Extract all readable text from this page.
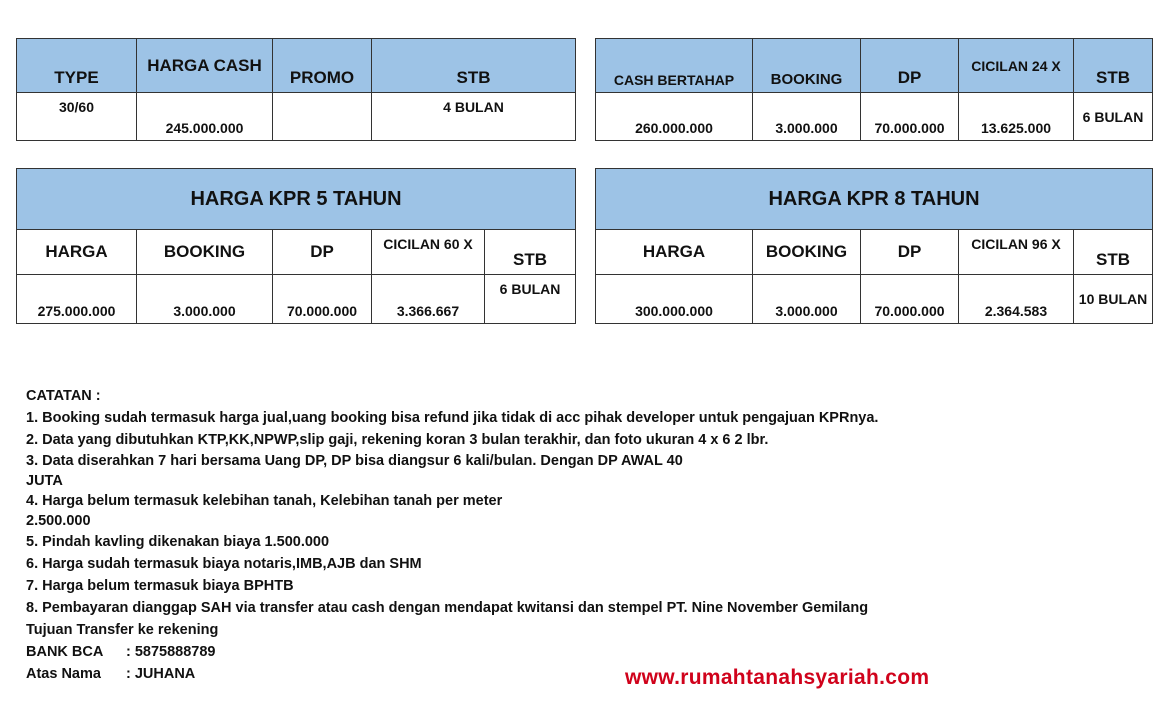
TYPE	HARGA CASH	PROMO	STB
30/60	245.000.000		4 BULAN
CASH BERTAHAP	BOOKING	DP	CICILAN 24 X	STB
260.000.000	3.000.000	70.000.000	13.625.000	6 BULAN
HARGA KPR 5 TAHUN				
HARGA	BOOKING	DP	CICILAN 60 X	STB
275.000.000	3.000.000	70.000.000	3.366.667	6 BULAN
HARGA KPR 8 TAHUN				
HARGA	BOOKING	DP	CICILAN 96 X	STB
300.000.000	3.000.000	70.000.000	2.364.583	10 BULAN
CATATAN :
1. Booking sudah termasuk harga jual,uang booking bisa refund jika tidak di acc pihak developer untuk pengajuan KPRnya.
2. Data yang dibutuhkan KTP,KK,NPWP,slip gaji, rekening koran 3 bulan terakhir, dan foto ukuran 4 x 6 2 lbr.
3. Data diserahkan 7 hari bersama Uang DP, DP bisa diangsur 6 kali/bulan. Dengan DP AWAL 40
JUTA
4. Harga belum termasuk kelebihan tanah, Kelebihan tanah per meter
2.500.000
5. Pindah kavling dikenakan biaya 1.500.000
6. Harga sudah termasuk biaya notaris,IMB,AJB dan SHM
7. Harga belum termasuk biaya BPHTB
8. Pembayaran dianggap SAH via transfer atau cash dengan mendapat kwitansi dan stempel PT. Nine November Gemilang
Tujuan Transfer ke rekening
BANK BCA : 5875888789
Atas Nama : JUHANA	www.rumahtanahsyariah.com
